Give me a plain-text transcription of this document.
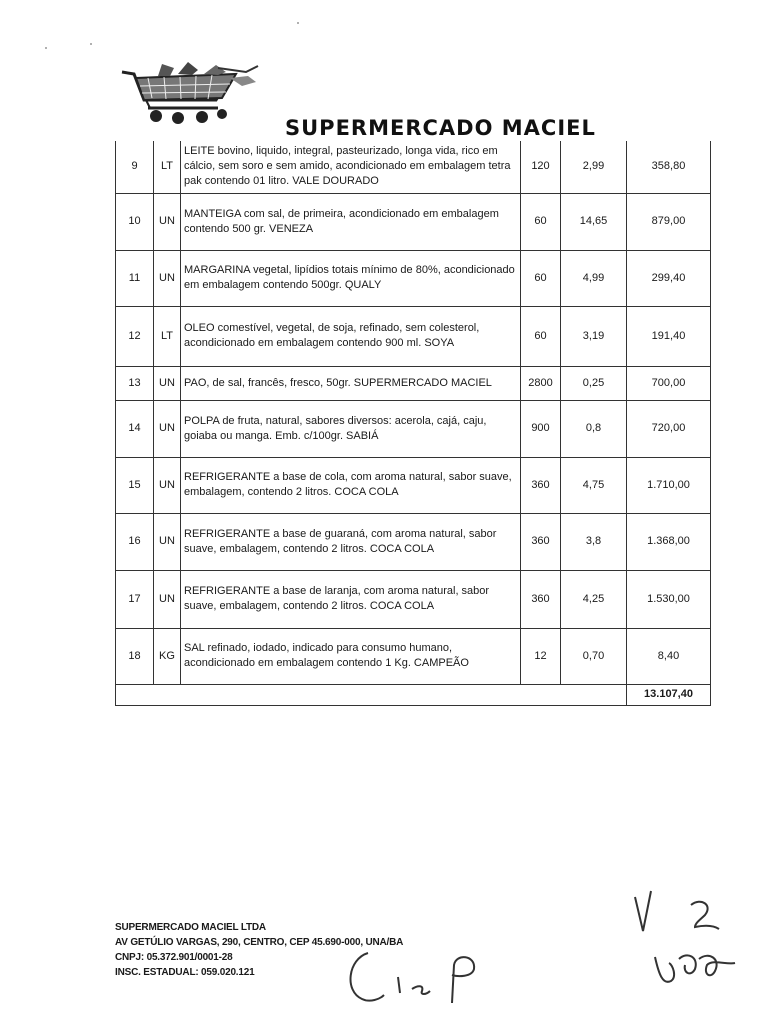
SUPERMERCADO MACIEL
9	LT	LEITE bovino, liquido, integral, pasteurizado, longa vida, rico em cálcio, sem soro e sem amido, acondicionado em embalagem tetra pak contendo 01 litro. VALE DOURADO	120	2,99	358,80
10	UN	MANTEIGA com sal, de primeira, acondicionado em embalagem contendo 500 gr. VENEZA	60	14,65	879,00
11	UN	MARGARINA vegetal, lipídios totais mínimo de 80%, acondicionado em embalagem contendo 500gr. QUALY	60	4,99	299,40
12	LT	OLEO comestível, vegetal, de soja, refinado, sem colesterol, acondicionado em embalagem contendo 900 ml. SOYA	60	3,19	191,40
13	UN	PAO, de sal, francês, fresco, 50gr. SUPERMERCADO MACIEL	2800	0,25	700,00
14	UN	POLPA de fruta, natural, sabores diversos: acerola, cajá, caju, goiaba ou manga. Emb. c/100gr. SABIÁ	900	0,8	720,00
15	UN	REFRIGERANTE a base de cola, com aroma natural, sabor suave, embalagem, contendo 2 litros. COCA COLA	360	4,75	1.710,00
16	UN	REFRIGERANTE a base de guaraná, com aroma natural, sabor suave, embalagem, contendo 2 litros. COCA COLA	360	3,8	1.368,00
17	UN	REFRIGERANTE a base de laranja, com aroma natural, sabor suave, embalagem, contendo 2 litros. COCA COLA	360	4,25	1.530,00
18	KG	SAL refinado, iodado, indicado para consumo humano, acondicionado em embalagem contendo 1 Kg. CAMPEÃO	12	0,70	8,40
					13.107,40
SUPERMERCADO MACIEL LTDA
AV GETÚLIO VARGAS, 290, CENTRO, CEP 45.690-000, UNA/BA
CNPJ: 05.372.901/0001-28
INSC. ESTADUAL: 059.020.121
